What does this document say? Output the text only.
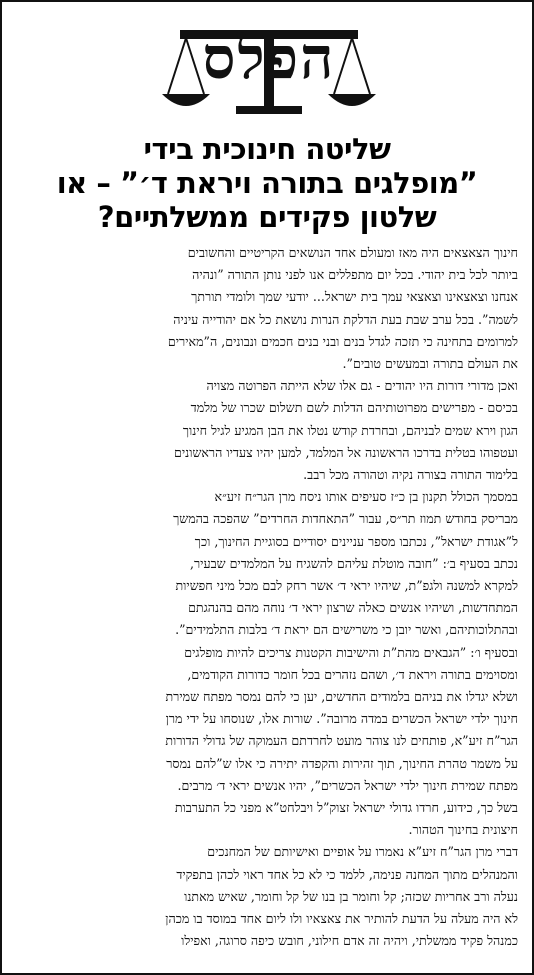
הפלס
שליטה חינוכית בידי
”מופלגים בתורה ויראת ד׳” – או
שלטון פקידים ממשלתיים?
חינוך הצאצאים היה מאז ומעולם אחד הנושאים הקריטיים והחשובים
ביותר לכל בית יהודי. בכל יום מתפללים אנו לפני נותן התורה ”ונהיה
אנחנו וצאצאינו וצאצאי עמך בית ישראל... יודעי שמך ולומדי תורתך
לשמה”. בכל ערב שבת בעת הדלקת הנרות נושאת כל אם יהודייה עיניה
למרומים בתחינה כי תזכה לגדל בנים ובני בנים חכמים ונבונים, ה”מאירים
את העולם בתורה ובמעשים טובים”.
ואכן מדורי דורות היו יהודים - גם אלו שלא הייתה הפרוטה מצויה
בכיסם - מפרישים מפרוטותיהם הדלות לשם תשלום שכרו של מלמד
הגון וירא שמים לבניהם, ובחרדת קודש נטלו את הבן המגיע לגיל חינוך
ועטפוהו בטלית בדרכו הראשונה אל המלמד, למען יהיו צעדיו הראשונים
בלימוד התורה בצורה נקיה וטהורה מכל רבב.
במסמך הכולל תקנון בן כ״ז סעיפים אותו ניסח מרן הגר״ח זיע״א
מבריסק בחודש תמוז תר״ס, עבור ”התאחדות החרדים” שהפכה בהמשך
ל”אגודת ישראל”, נכתבו מספר עניינים יסודיים בסוגיית החינוך, וכך
נכתב בסעיף ב׳: ”חובה מוטלת עליהם להשגיח על המלמדים שבעיר,
למקרא למשנה ולגפ”ת, שיהיו יראי ד׳ אשר רחק לבם מכל מיני חפשיות
המתחדשות, ושיהיו אנשים כאלה שרצון יראי ד׳ נוחה מהם בהנהגתם
ובהתלוכותיהם, ואשר יובן כי משרישים הם יראת ד׳ בלבות התלמידים”.
ובסעיף ו׳: ”הגבאים מהת”ת והישיבות הקטנות צריכים להיות מופלגים
ומסוימים בתורה ויראת ד׳, ושהם נזהרים בכל חומר כדורות הקודמים,
ושלא יגדלו את בניהם בלמודים החדשים, יען כי להם נמסר מפתח שמירת
חינוך ילדי ישראל הכשרים במדה מרובה”. שורות אלו, שנוסחו על ידי מרן
הגר”ח זיע”א, פותחים לנו צוהר מועט לחרדתם העמוקה של גדולי הדורות
על משמר טהרת החינוך, תוך זהירות והקפדה יתירה כי אלו ש”להם נמסר
מפתח שמירת חינוך ילדי ישראל הכשרים”, יהיו אנשים יראי ד׳ מרבים.
בשל כך, כידוע, חרדו גדולי ישראל זצוק”ל ויבלחט”א מפני כל התערבות
חיצונית בחינוך הטהור.
דברי מרן הגר”ח זיע”א נאמרו על אופיים ואישיותם של המחנכים
והמנהלים מתוך המחנה פנימה, ללמד כי לא כל אחד ראוי לכהן בתפקיד
נעלה ורב אחריות שכזה; קל וחומר בן בנו של קל וחומר, שאיש מאתנו
לא היה מעלה על הדעת להותיר את צאצאיו ולו ליום אחד במוסד בו מכהן
כמנהל פקיד ממשלתי, ויהיה זה אדם חילוני, חובש כיפה סרוגה, ואפילו
